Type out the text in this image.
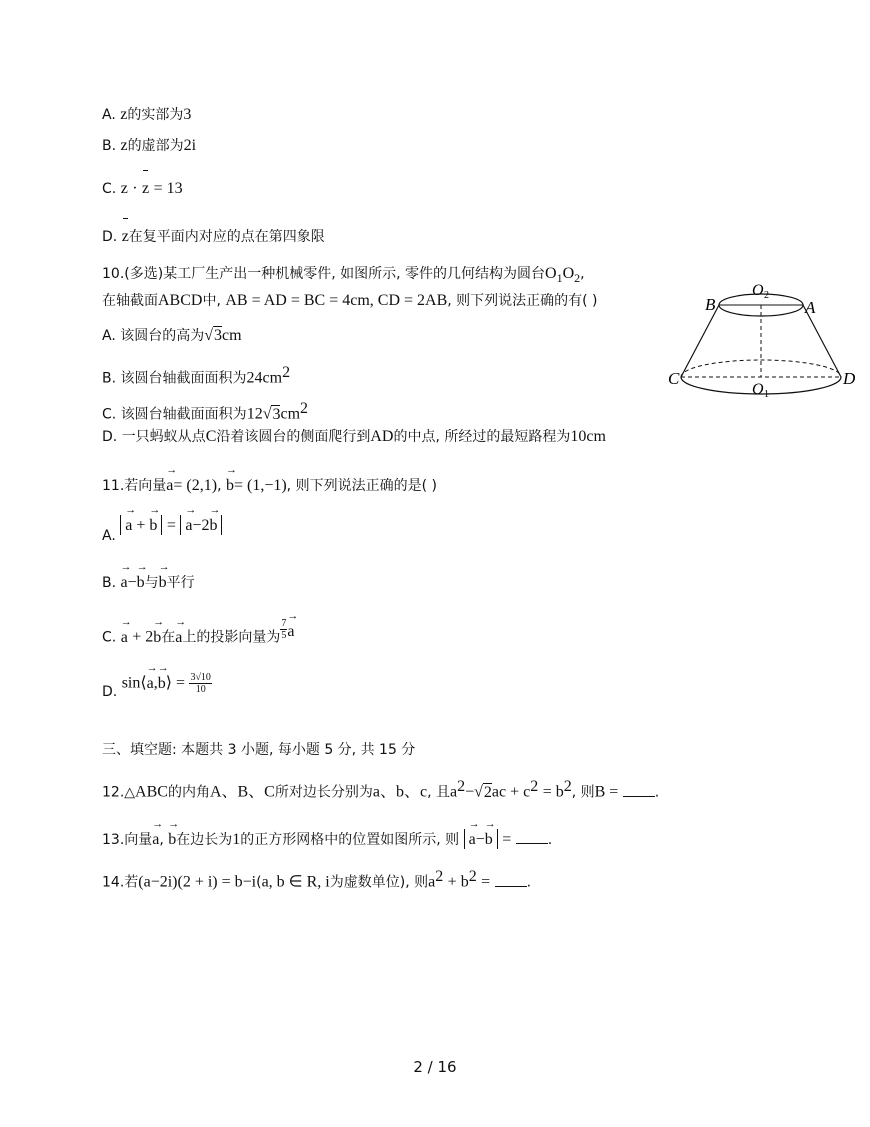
A. z的实部为3
B. z的虚部为2i
C. z · z = 13
D. z在复平面内对应的点在第四象限
10.(多选)某工厂生产出一种机械零件, 如图所示, 零件的几何结构为圆台$O_1O_2$,
在轴截面ABCD中, AB = AD = BC = 4cm, CD = 2AB, 则下列说法正确的有( )
A. 该圆台的高为√3cm
B. 该圆台轴截面面积为$24cm^2$
C. 该圆台轴截面面积为$12√3cm^2$
D. 一只蚂蚁从点C沿着该圆台的侧面爬行到AD的中点, 所经过的最短路程为10cm
B	A
O 2
C	D
O 1
11.若向量→ a= (2,1), → b= (1,−1), 则下列说法正确的是( )
A. → a + → b = → a−2→ b
B. → a−→ b与→ b平行
C. → a + 2→ b在→ a上的投影向量为 $\frac{7}{5}$
→ a
D. sin⟨→ a,→ b⟩ = $\frac{3√10}{10}$
三、填空题: 本题共 3 小题, 每小题 5 分, 共 15 分
12.△ABC的内角A、B、C所对边长分别为a、b、c, 且$a^2-√2ac + c^2 = b^2$, 则B =	.
13.向量→ a, → b在边长为1的正方形网格中的位置如图所示, 则 → a−→ b =	.
14.若(a−2i)(2 + i) = b−i(a, b ∈ R, i为虚数单位), 则$a^2 + b^2$ =	.
2 / 16
